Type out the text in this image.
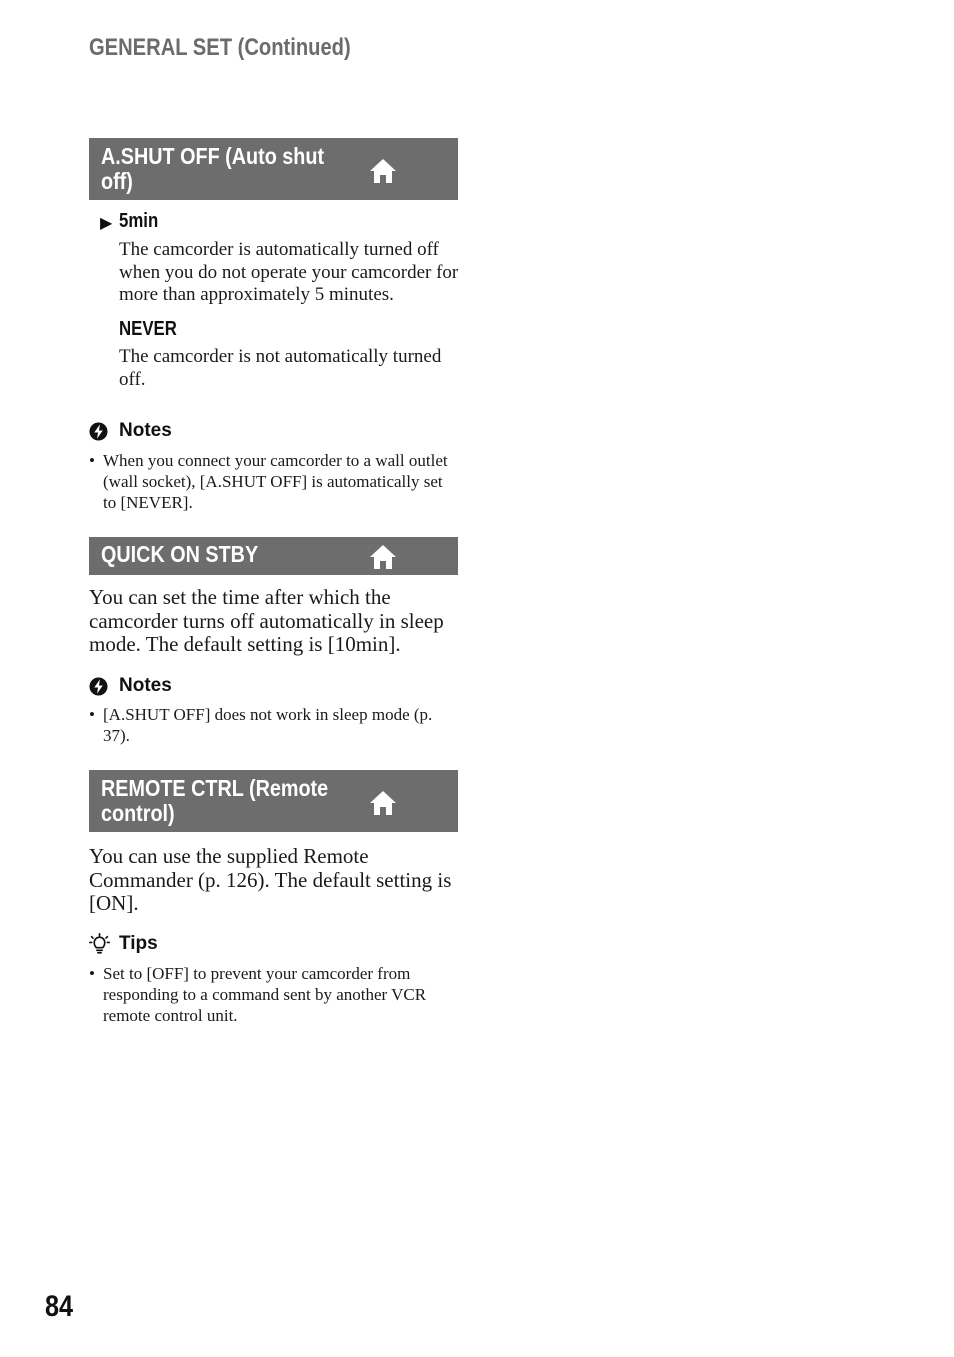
GENERAL SET (Continued)
A.SHUT OFF (Auto shut
off)
▶ 5min
The camcorder is automatically turned off when you do not operate your camcorder for more than approximately 5 minutes.
NEVER
The camcorder is not automatically turned off.
Notes
• When you connect your camcorder to a wall outlet (wall socket), [A.SHUT OFF] is automatically set to [NEVER].
QUICK ON STBY
You can set the time after which the camcorder turns off automatically in sleep mode. The default setting is [10min].
Notes
• [A.SHUT OFF] does not work in sleep mode (p. 37).
REMOTE CTRL (Remote
control)
You can use the supplied Remote Commander (p. 126). The default setting is [ON].
Tips
• Set to [OFF] to prevent your camcorder from responding to a command sent by another VCR remote control unit.
84
